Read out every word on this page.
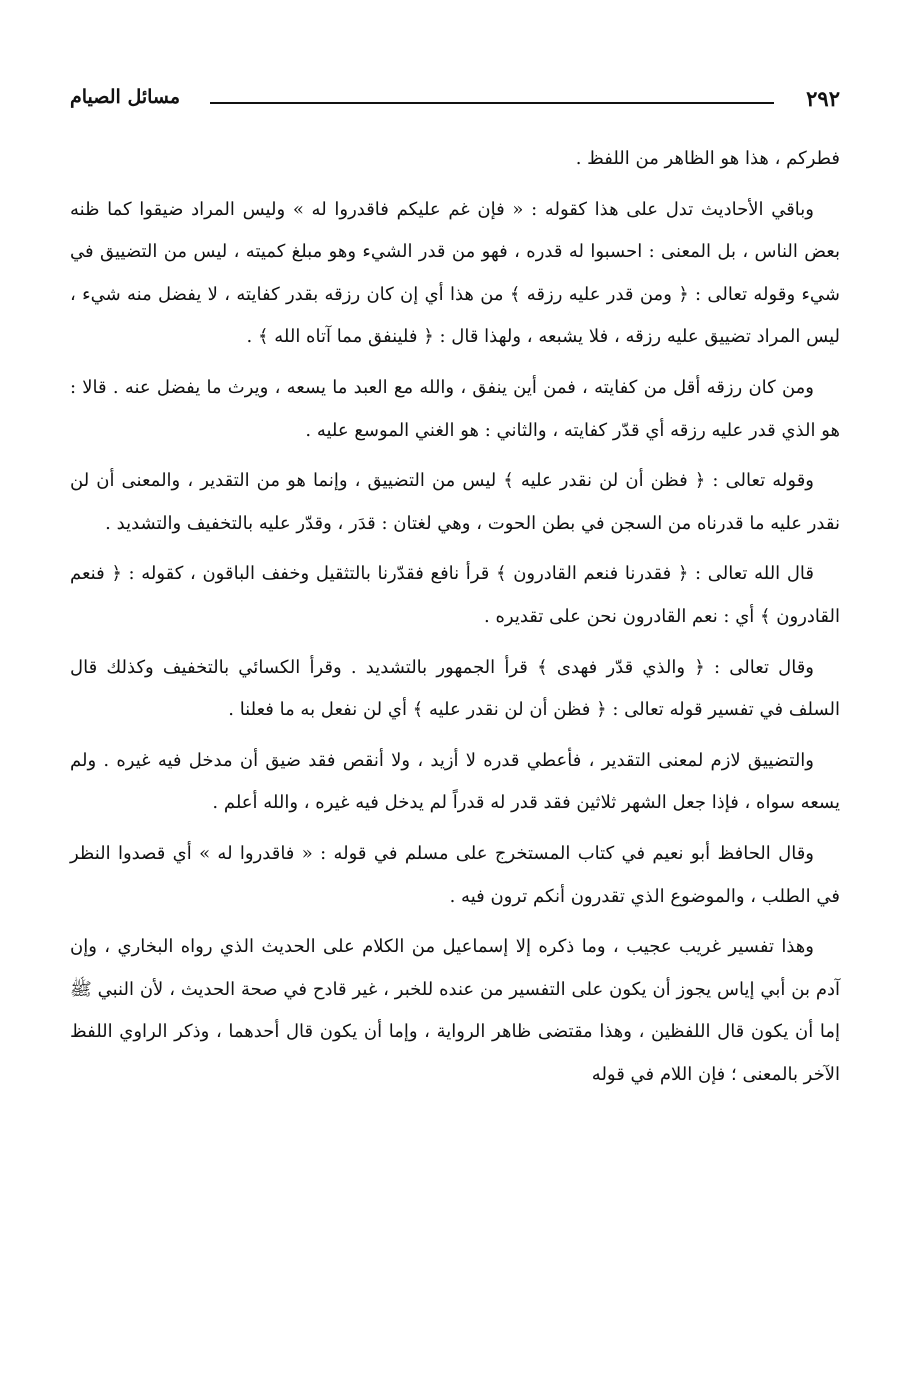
٢٩٢
مسائل الصيام

فطركم ، هذا هو الظاهر من اللفظ .

وباقي الأحاديث تدل على هذا كقوله : « فإن غم عليكم فاقدروا له » وليس المراد ضيقوا كما ظنه بعض الناس ، بل المعنى : احسبوا له قدره ، فهو من قدر الشيء وهو مبلغ كميته ، ليس من التضييق في شيء وقوله تعالى : ﴿ ومن قدر عليه رزقه ﴾ من هذا أي إن كان رزقه بقدر كفايته ، لا يفضل منه شيء ، ليس المراد تضييق عليه رزقه ، فلا يشبعه ، ولهذا قال : ﴿ فلينفق مما آتاه الله ﴾ .

ومن كان رزقه أقل من كفايته ، فمن أين ينفق ، والله مع العبد ما يسعه ، ويرث ما يفضل عنه . قالا : هو الذي قدر عليه رزقه أي قدّر كفايته ، والثاني : هو الغني الموسع عليه .

وقوله تعالى : ﴿ فظن أن لن نقدر عليه ﴾ ليس من التضييق ، وإنما هو من التقدير ، والمعنى أن لن نقدر عليه ما قدرناه من السجن في بطن الحوت ، وهي لغتان : قدَر ، وقدّر عليه بالتخفيف والتشديد .

قال الله تعالى : ﴿ فقدرنا فنعم القادرون ﴾ قرأ نافع فقدّرنا بالتثقيل وخفف الباقون ، كقوله : ﴿ فنعم القادرون ﴾ أي : نعم القادرون نحن على تقديره .

وقال تعالى : ﴿ والذي قدّر فهدى ﴾ قرأ الجمهور بالتشديد . وقرأ الكسائي بالتخفيف وكذلك قال السلف في تفسير قوله تعالى : ﴿ فظن أن لن نقدر عليه ﴾ أي لن نفعل به ما فعلنا .

والتضييق لازم لمعنى التقدير ، فأعطي قدره لا أزيد ، ولا أنقص فقد ضيق أن مدخل فيه غيره . ولم يسعه سواه ، فإذا جعل الشهر ثلاثين فقد قدر له قدراً لم يدخل فيه غيره ، والله أعلم .

وقال الحافظ أبو نعيم في كتاب المستخرج على مسلم في قوله : « فاقدروا له » أي قصدوا النظر في الطلب ، والموضوع الذي تقدرون أنكم ترون فيه .

وهذا تفسير غريب عجيب ، وما ذكره إلا إسماعيل من الكلام على الحديث الذي رواه البخاري ، وإن آدم بن أبي إياس يجوز أن يكون على التفسير من عنده للخبر ، غير قادح في صحة الحديث ، لأن النبي ﷺ إما أن يكون قال اللفظين ، وهذا مقتضى ظاهر الرواية ، وإما أن يكون قال أحدهما ، وذكر الراوي اللفظ الآخر بالمعنى ؛ فإن اللام في قوله
